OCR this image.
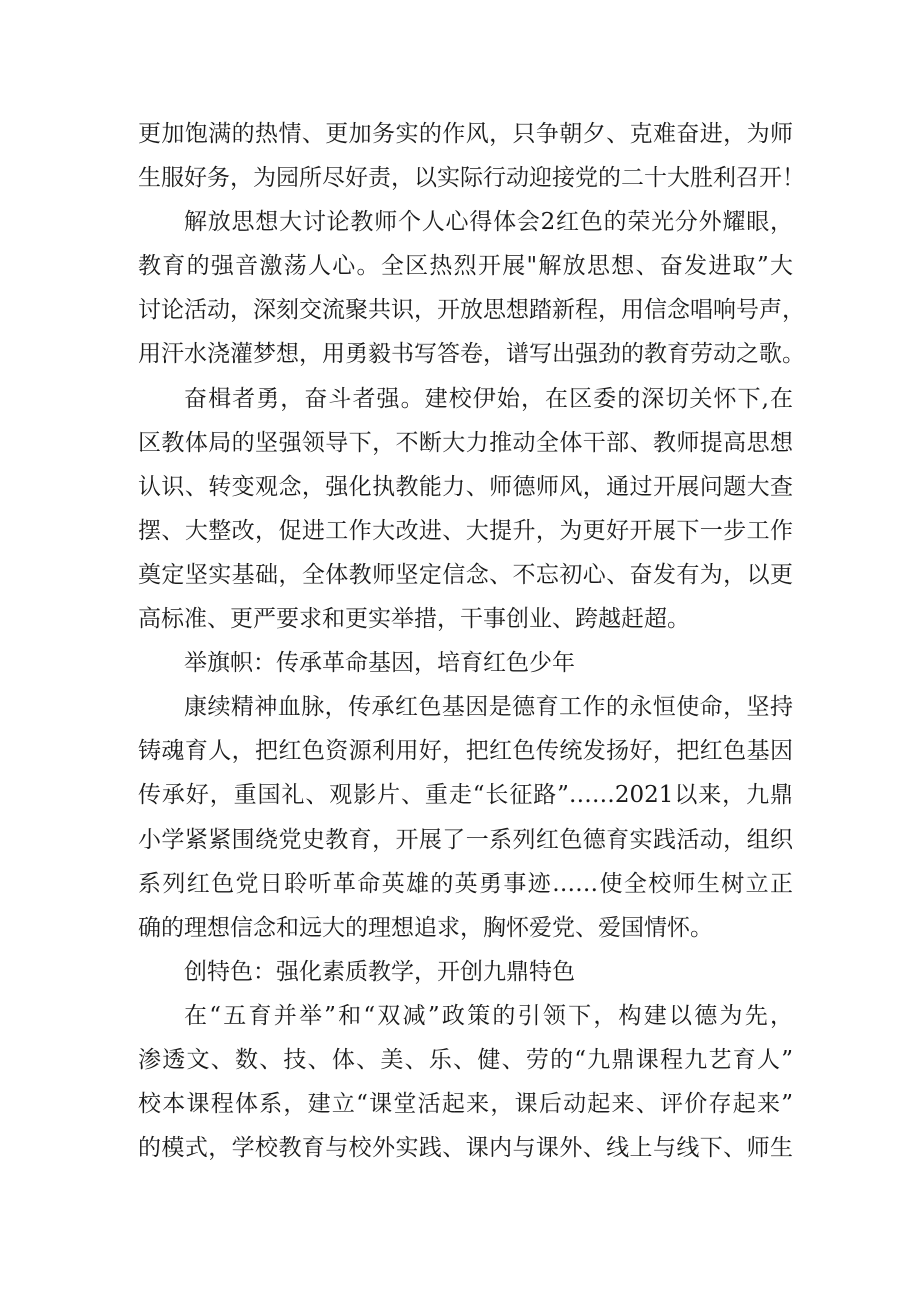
更加饱满的热情、更加务实的作风，只争朝夕、克难奋进，为师
生服好务，为园所尽好责，以实际行动迎接党的二十大胜利召开！
解放思想大讨论教师个人心得体会2红色的荣光分外耀眼，
教育的强音激荡人心。全区热烈开展"解放思想、奋发进取”大
讨论活动，深刻交流聚共识，开放思想踏新程，用信念唱响号声，
用汗水浇灌梦想，用勇毅书写答卷，谱写出强劲的教育劳动之歌。
奋楫者勇，奋斗者强。建校伊始，在区委的深切关怀下,在
区教体局的坚强领导下，不断大力推动全体干部、教师提高思想
认识、转变观念，强化执教能力、师德师风，通过开展问题大查
摆、大整改，促进工作大改进、大提升，为更好开展下一步工作
奠定坚实基础，全体教师坚定信念、不忘初心、奋发有为，以更
高标准、更严要求和更实举措，干事创业、跨越赶超。
举旗帜：传承革命基因，培育红色少年
康续精神血脉，传承红色基因是德育工作的永恒使命，坚持
铸魂育人，把红色资源利用好，把红色传统发扬好，把红色基因
传承好，重国礼、观影片、重走“长征路”……2021以来，九鼎
小学紧紧围绕党史教育，开展了一系列红色德育实践活动，组织
系列红色党日聆听革命英雄的英勇事迹……使全校师生树立正
确的理想信念和远大的理想追求，胸怀爱党、爱国情怀。
创特色：强化素质教学，开创九鼎特色
在“五育并举”和“双减”政策的引领下，构建以德为先，
渗透文、数、技、体、美、乐、健、劳的“九鼎课程九艺育人”
校本课程体系，建立“课堂活起来，课后动起来、评价存起来”
的模式，学校教育与校外实践、课内与课外、线上与线下、师生
